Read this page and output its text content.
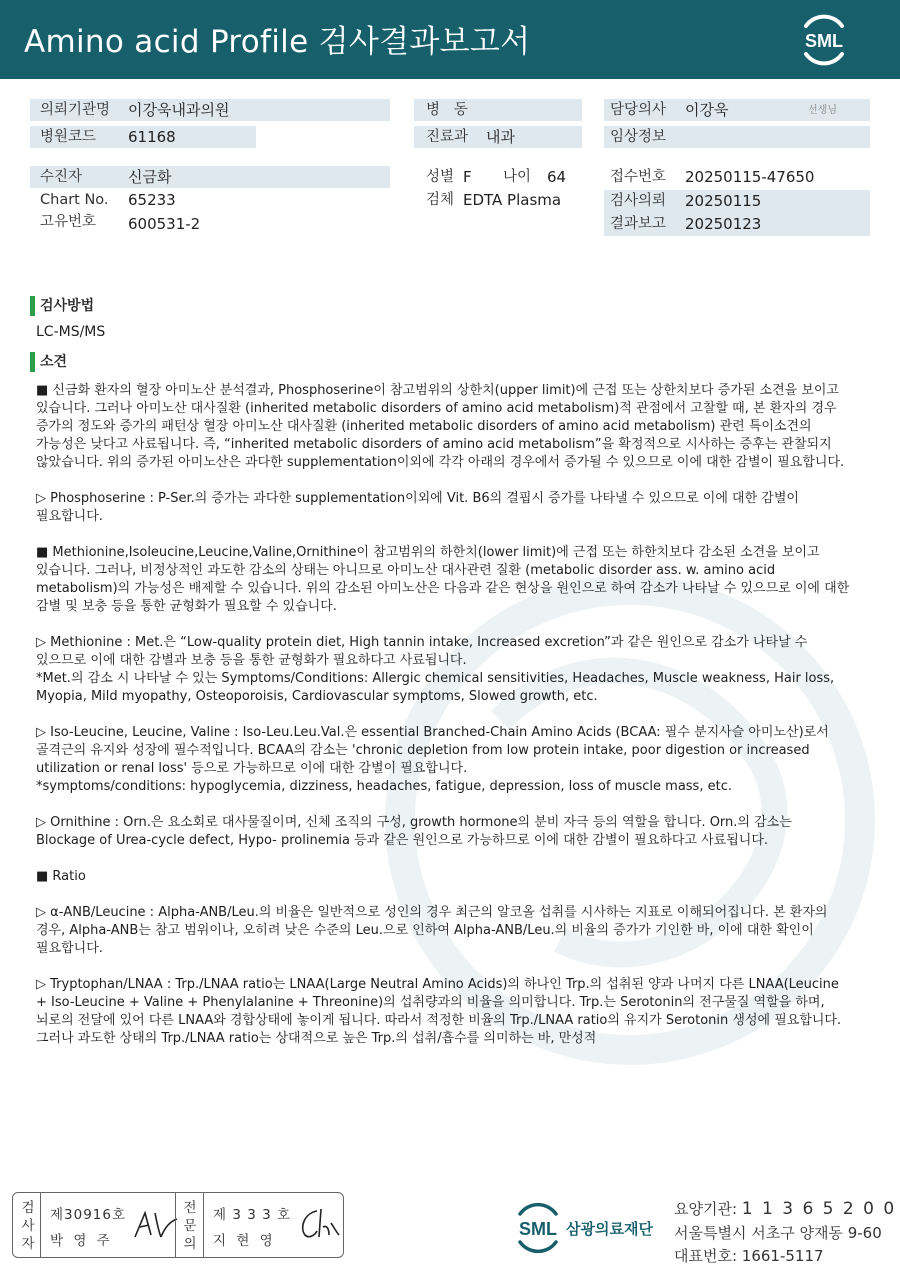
Amino acid Profile 검사결과보고서	SML
의뢰기관명 이강욱내과의원
병원코드 61168
수진자	신금화
Chart No. 65233
고유번호 600531-2
병   동
진료과 내과
성별 F 나이 64
검체 EDTA Plasma
담당의사 이강욱	선생님
임상정보
접수번호 20250115-47650
검사의뢰 20250115
결과보고 20250123
검사방법
LC-MS/MS
소견

■ 신금화 환자의 혈장 아미노산 분석결과, Phosphoserine이 참고범위의 상한치(upper limit)에 근접 또는 상한치보다 증가된 소견을 보이고 있습니다. 그러나 아미노산 대사질환 (inherited metabolic disorders of amino acid metabolism)적 관점에서 고찰할 때, 본 환자의 경우 증가의 정도와 증가의 패턴상 혈장 아미노산 대사질환 (inherited metabolic disorders of amino acid metabolism) 관련 특이소견의 가능성은 낮다고 사료됩니다. 즉, “inherited metabolic disorders of amino acid metabolism”을 확정적으로 시사하는 증후는 관찰되지 않았습니다. 위의 증가된 아미노산은 과다한 supplementation이외에 각각 아래의 경우에서 증가될 수 있으므로 이에 대한 감별이 필요합니다.

▷ Phosphoserine : P-Ser.의 증가는 과다한 supplementation이외에 Vit. B6의 결핍시 증가를 나타낼 수 있으므로 이에 대한 감별이 필요합니다.

■ Methionine,Isoleucine,Leucine,Valine,Ornithine이 참고범위의 하한치(lower limit)에 근접 또는 하한치보다 감소된 소견을 보이고 있습니다. 그러나, 비정상적인 과도한 감소의 상태는 아니므로 아미노산 대사관련 질환 (metabolic disorder ass. w. amino acid metabolism)의 가능성은 배제할 수 있습니다. 위의 감소된 아미노산은 다음과 같은 현상을 원인으로 하여 감소가 나타날 수 있으므로 이에 대한 감별 및 보충 등을 통한 균형화가 필요할 수 있습니다.

▷ Methionine : Met.은 “Low-quality protein diet, High tannin intake, Increased excretion”과 같은 원인으로 감소가 나타날 수 있으므로 이에 대한 감별과 보충 등을 통한 균형화가 필요하다고 사료됩니다.
*Met.의 감소 시 나타날 수 있는 Symptoms/Conditions: Allergic chemical sensitivities, Headaches, Muscle weakness, Hair loss, Myopia, Mild myopathy, Osteoporoisis, Cardiovascular symptoms, Slowed growth, etc.

▷ Iso-Leucine, Leucine, Valine : Iso-Leu.Leu.Val.은 essential Branched-Chain Amino Acids (BCAA: 필수 분지사슬 아미노산)로서 골격근의 유지와 성장에 필수적입니다. BCAA의 감소는 'chronic depletion from low protein intake, poor digestion or increased utilization or renal loss' 등으로 가능하므로 이에 대한 감별이 필요합니다.
*symptoms/conditions: hypoglycemia, dizziness, headaches, fatigue, depression, loss of muscle mass, etc.

▷ Ornithine : Orn.은 요소회로 대사물질이며, 신체 조직의 구성, growth hormone의 분비 자극 등의 역할을 합니다. Orn.의 감소는 Blockage of Urea-cycle defect, Hypo- prolinemia 등과 같은 원인으로 가능하므로 이에 대한 감별이 필요하다고 사료됩니다.

■ Ratio

▷ α-ANB/Leucine : Alpha-ANB/Leu.의 비율은 일반적으로 성인의 경우 최근의 알코올 섭취를 시사하는 지표로 이해되어집니다. 본 환자의 경우, Alpha-ANB는 참고 범위이나, 오히려 낮은 수준의 Leu.으로 인하여 Alpha-ANB/Leu.의 비율의 증가가 기인한 바, 이에 대한 확인이 필요합니다.

▷ Tryptophan/LNAA : Trp./LNAA ratio는 LNAA(Large Neutral Amino Acids)의 하나인 Trp.의 섭취된 양과 나머지 다른 LNAA(Leucine + Iso-Leucine + Valine + Phenylalanine + Threonine)의 섭취량과의 비율을 의미합니다. Trp.는 Serotonin의 전구물질 역할을 하며, 뇌로의 전달에 있어 다른 LNAA와 경합상태에 놓이게 됩니다. 따라서 적정한 비율의 Trp./LNAA ratio의 유지가 Serotonin 생성에 필요합니다. 그러나 과도한 상태의 Trp./LNAA ratio는 상대적으로 높은 Trp.의 섭취/흡수를 의미하는 바, 만성적

검
사
자
제30916호
박 영 주
전
문
의
제 3 3 3 호
지 현 영
SML 삼광의료재단
요양기관: 1 1 3 6 5 2 0 0
서울특별시 서초구 양재동 9-60
대표번호: 1661-5117
